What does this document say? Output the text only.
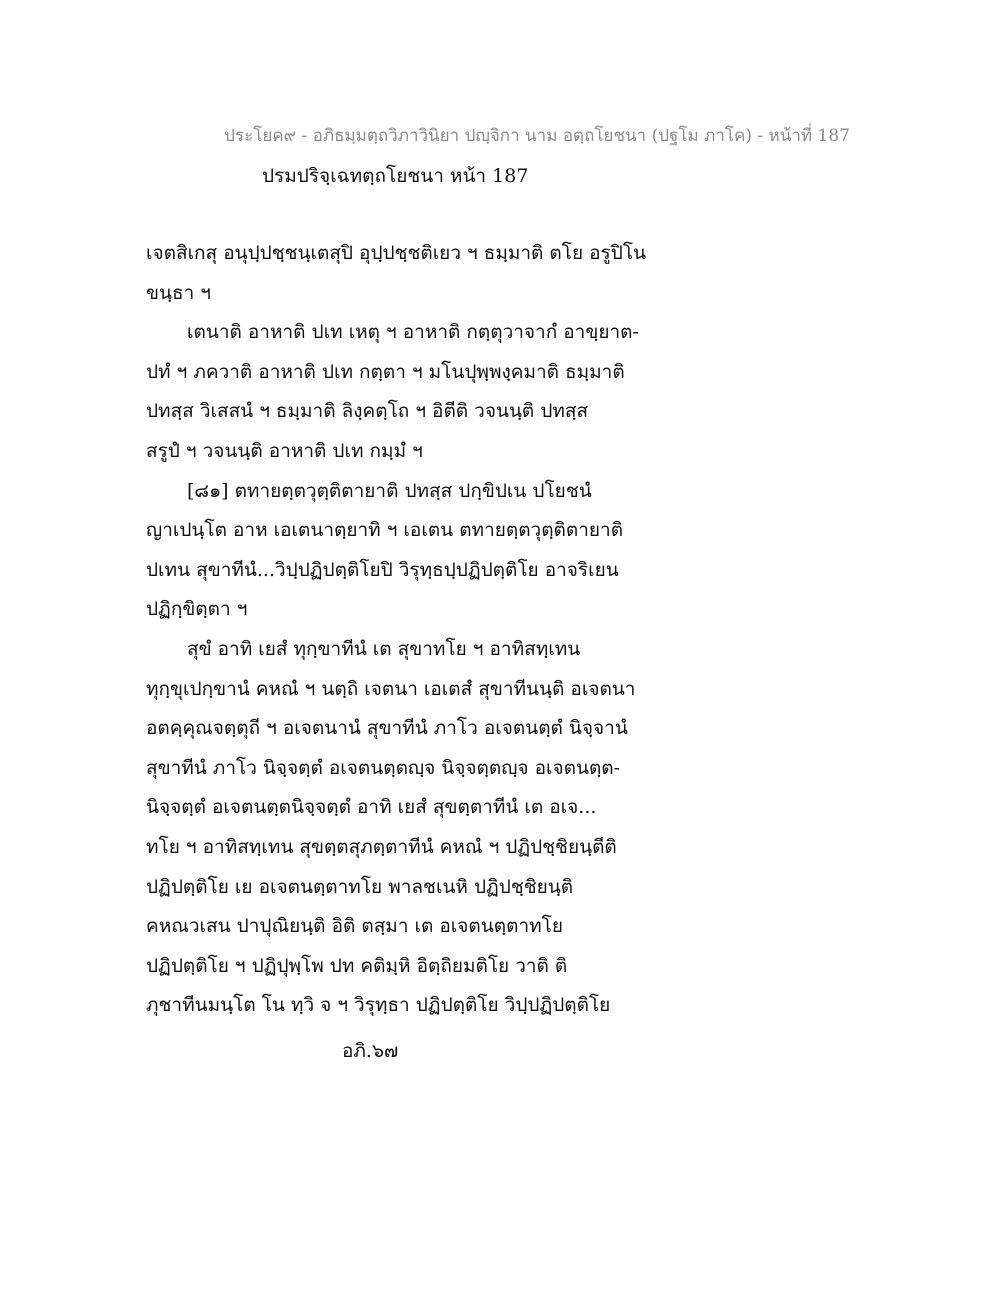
ประโยค๙ - อภิธมฺมตฺถวิภาวินิยา ปญฺจิกา นาม อตฺถโยชนา (ปฐโม ภาโค) - หน้าที่ 187
ปรมปริจฺเฉทตฺถโยชนา หน้า 187
เจตสิเกสุ อนุปฺปชฺชนฺเตสุปิ อุปฺปชฺชติเยว ฯ ธมฺมาติ ตโย อรูปิโน
ขนฺธา ฯ
เตนาติ อาหาติ ปเท เหตุ ฯ อาหาติ กตฺตุวาจากํ อาขฺยาต-
ปทํ ฯ ภควาติ อาหาติ ปเท กตฺตา ฯ มโนปุพฺพงฺคมาติ ธมฺมาติ
ปทสฺส วิเสสนํ ฯ ธมฺมาติ ลิงฺคตฺโถ ฯ อิตีติ วจนนฺติ ปทสฺส
สรูปํ ฯ วจนนฺติ อาหาติ ปเท กมฺมํ ฯ
[๘๑] ตทายตฺตวุตฺติตายาติ ปทสฺส ปกฺขิปเน ปโยชนํ
ญาเปนฺโต อาห เอเตนาตฺยาทิ ฯ เอเตน ตทายตฺตวุตฺติตายาติ
ปเทน สุขาทีนํ...วิปฺปฏิปตฺติโยปิ วิรุทฺธปฺปฏิปตฺติโย อาจริเยน
ปฏิกฺขิตฺตา ฯ
สุขํ อาทิ เยสํ ทุกฺขาทีนํ เต สุขาทโย ฯ อาทิสทฺเทน
ทุกฺขุเปกฺขานํ คหณํ ฯ นตฺถิ เจตนา เอเตสํ สุขาทีนนฺติ อเจตนา
อตคฺคุณจตฺตุถี ฯ อเจตนานํ สุขาทีนํ ภาโว อเจตนตฺตํ นิจฺจานํ
สุขาทีนํ ภาโว นิจฺจตฺตํ อเจตนตฺตญฺจ นิจฺจตฺตญฺจ อเจตนตฺต-
นิจฺจตฺตํ อเจตนตฺตนิจฺจตฺตํ อาทิ เยสํ สุขตฺตาทีนํ เต อเจ...
ทโย ฯ อาทิสทฺเทน สุขตฺตสุภตฺตาทีนํ คหณํ ฯ ปฏิปชฺชิยนฺตีติ
ปฏิปตฺติโย เย อเจตนตฺตาทโย พาลชเนหิ ปฏิปชฺชิยนฺติ
คหณวเสน ปาปุณิยนฺติ อิติ ตสฺมา เต อเจตนตฺตาทโย
ปฏิปตฺติโย ฯ ปฏิปุพฺโพ ปท คติมฺหิ อิตฺถิยมติโย วาติ ติ
ภุชาทีนมนฺโต โน ทฺวิ จ ฯ วิรุทฺธา ปฏิปตฺติโย วิปฺปฏิปตฺติโย
อภิ.๖๗
